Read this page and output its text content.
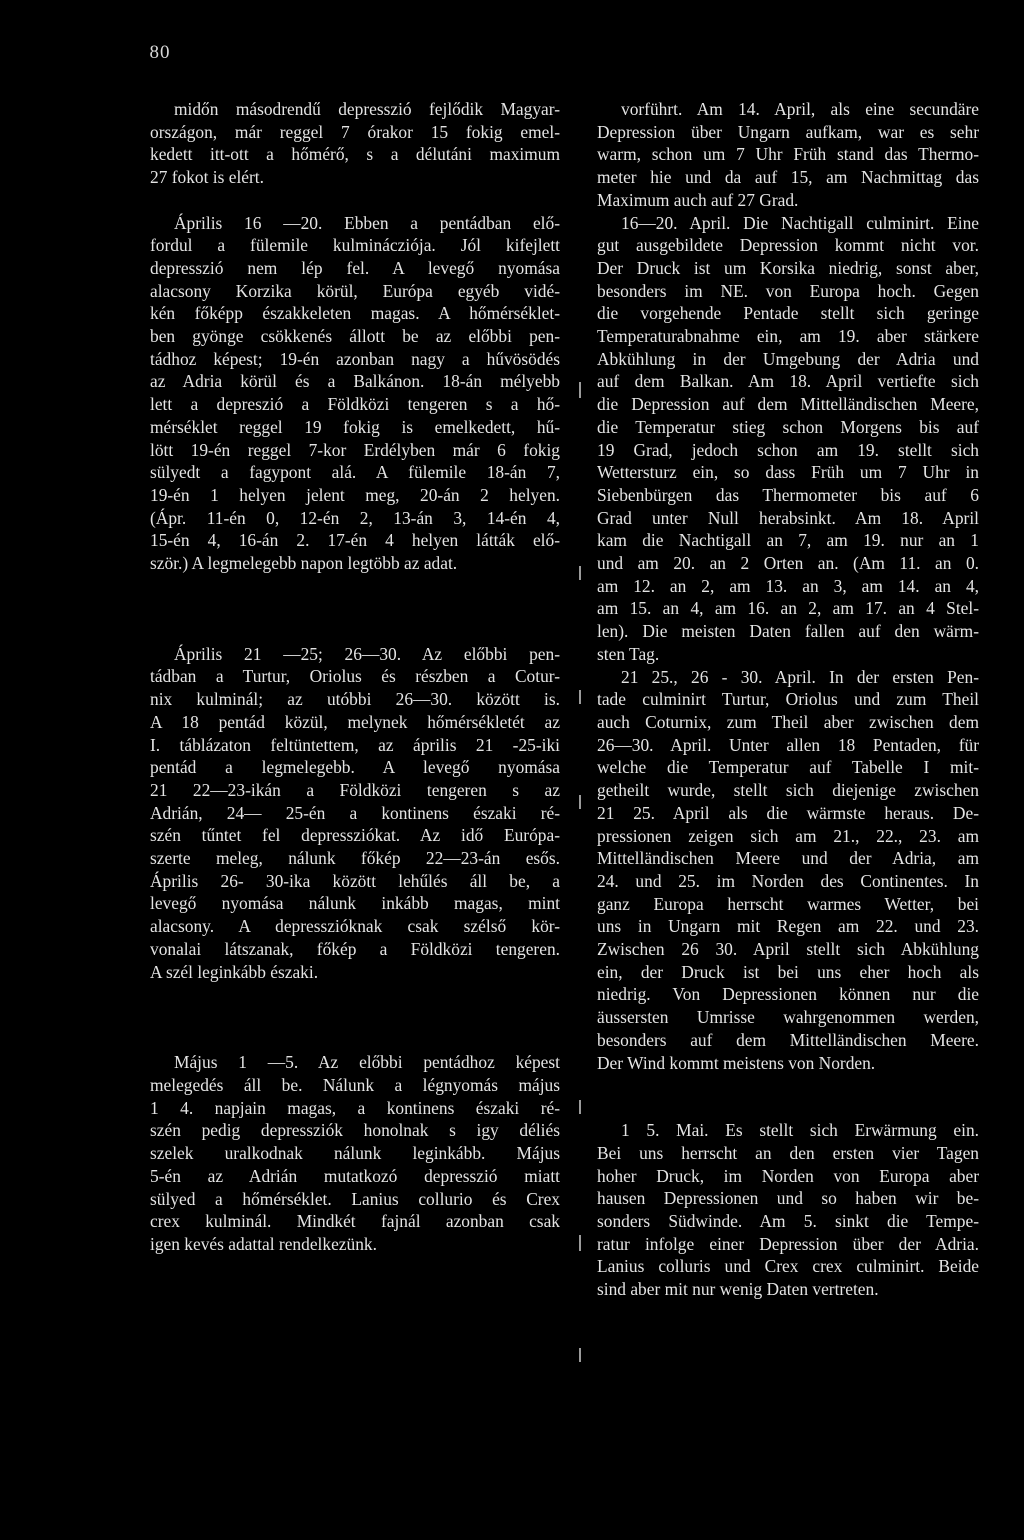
80
midőn másodrendű depresszió fejlődik Magyar-
országon, már reggel 7 órakor 15 fokig emel-
kedett itt-ott a hőmérő, s a délutáni maximum
27 fokot is elért.
Április 16 —20. Ebben a pentádban elő-
fordul a fülemile kulminácziója. Jól kifejlett
depresszió nem lép fel. A levegő nyomása
alacsony Korzika körül, Európa egyéb vidé-
kén főképp északkeleten magas. A hőmérséklet-
ben gyönge csökkenés állott be az előbbi pen-
tádhoz képest; 19-én azonban nagy a hűvösödés
az Adria körül és a Balkánon. 18-án mélyebb
lett a depreszió a Földközi tengeren s a hő-
mérséklet reggel 19 fokig is emelkedett, hű-
lött 19-én reggel 7-kor Erdélyben már 6 fokig
sülyedt a fagypont alá. A fülemile 18-án 7,
19-én 1 helyen jelent meg, 20-án 2 helyen.
(Ápr. 11-én 0, 12-én 2, 13-án 3, 14-én 4,
15-én 4, 16-án 2. 17-én 4 helyen látták elő-
ször.) A legmelegebb napon legtöbb az adat.
Április 21 —25; 26—30. Az előbbi pen-
tádban a Turtur, Oriolus és részben a Cotur-
nix kulminál; az utóbbi 26—30. között is.
A 18 pentád közül, melynek hőmérsékletét az
I. táblázaton feltüntettem, az április 21 -25-iki
pentád a legmelegebb. A levegő nyomása
21 22—23-ikán a Földközi tengeren s az
Adrián, 24— 25-én a kontinens északi ré-
szén tűntet fel depressziókat. Az idő Európa-
szerte meleg, nálunk főkép 22—23-án esős.
Április 26- 30-ika között lehűlés áll be, a
levegő nyomása nálunk inkább magas, mint
alacsony. A depresszióknak csak szélső kör-
vonalai látszanak, főkép a Földközi tengeren.
A szél leginkább északi.
Május 1 —5. Az előbbi pentádhoz képest
melegedés áll be. Nálunk a légnyomás május
1 4. napjain magas, a kontinens északi ré-
szén pedig depressziók honolnak s igy déliés
szelek uralkodnak nálunk leginkább. Május
5-én az Adrián mutatkozó depresszió miatt
sülyed a hőmérséklet. Lanius collurio és Crex
crex kulminál. Mindkét fajnál azonban csak
igen kevés adattal rendelkezünk.
vorführt. Am 14. April, als eine secundäre
Depression über Ungarn aufkam, war es sehr
warm, schon um 7 Uhr Früh stand das Thermo-
meter hie und da auf 15, am Nachmittag das
Maximum auch auf 27 Grad.
16—20. April. Die Nachtigall culminirt. Eine
gut ausgebildete Depression kommt nicht vor.
Der Druck ist um Korsika niedrig, sonst aber,
besonders im NE. von Europa hoch. Gegen
die vorgehende Pentade stellt sich geringe
Temperaturabnahme ein, am 19. aber stärkere
Abkühlung in der Umgebung der Adria und
auf dem Balkan. Am 18. April vertiefte sich
die Depression auf dem Mittelländischen Meere,
die Temperatur stieg schon Morgens bis auf
19 Grad, jedoch schon am 19. stellt sich
Wettersturz ein, so dass Früh um 7 Uhr in
Siebenbürgen das Thermometer bis auf 6
Grad unter Null herabsinkt. Am 18. April
kam die Nachtigall an 7, am 19. nur an 1
und am 20. an 2 Orten an. (Am 11. an 0.
am 12. an 2, am 13. an 3, am 14. an 4,
am 15. an 4, am 16. an 2, am 17. an 4 Stel-
len). Die meisten Daten fallen auf den wärm-
sten Tag.
21 25., 26 - 30. April. In der ersten Pen-
tade culminirt Turtur, Oriolus und zum Theil
auch Coturnix, zum Theil aber zwischen dem
26—30. April. Unter allen 18 Pentaden, für
welche die Temperatur auf Tabelle I mit-
getheilt wurde, stellt sich diejenige zwischen
21 25. April als die wärmste heraus. De-
pressionen zeigen sich am 21., 22., 23. am
Mittelländischen Meere und der Adria, am
24. und 25. im Norden des Continentes. In
ganz Europa herrscht warmes Wetter, bei
uns in Ungarn mit Regen am 22. und 23.
Zwischen 26 30. April stellt sich Abkühlung
ein, der Druck ist bei uns eher hoch als
niedrig. Von Depressionen können nur die
äussersten Umrisse wahrgenommen werden,
besonders auf dem Mittelländischen Meere.
Der Wind kommt meistens von Norden.
1 5. Mai. Es stellt sich Erwärmung ein.
Bei uns herrscht an den ersten vier Tagen
hoher Druck, im Norden von Europa aber
hausen Depressionen und so haben wir be-
sonders Südwinde. Am 5. sinkt die Tempe-
ratur infolge einer Depression über der Adria.
Lanius colluris und Crex crex culminirt. Beide
sind aber mit nur wenig Daten vertreten.
